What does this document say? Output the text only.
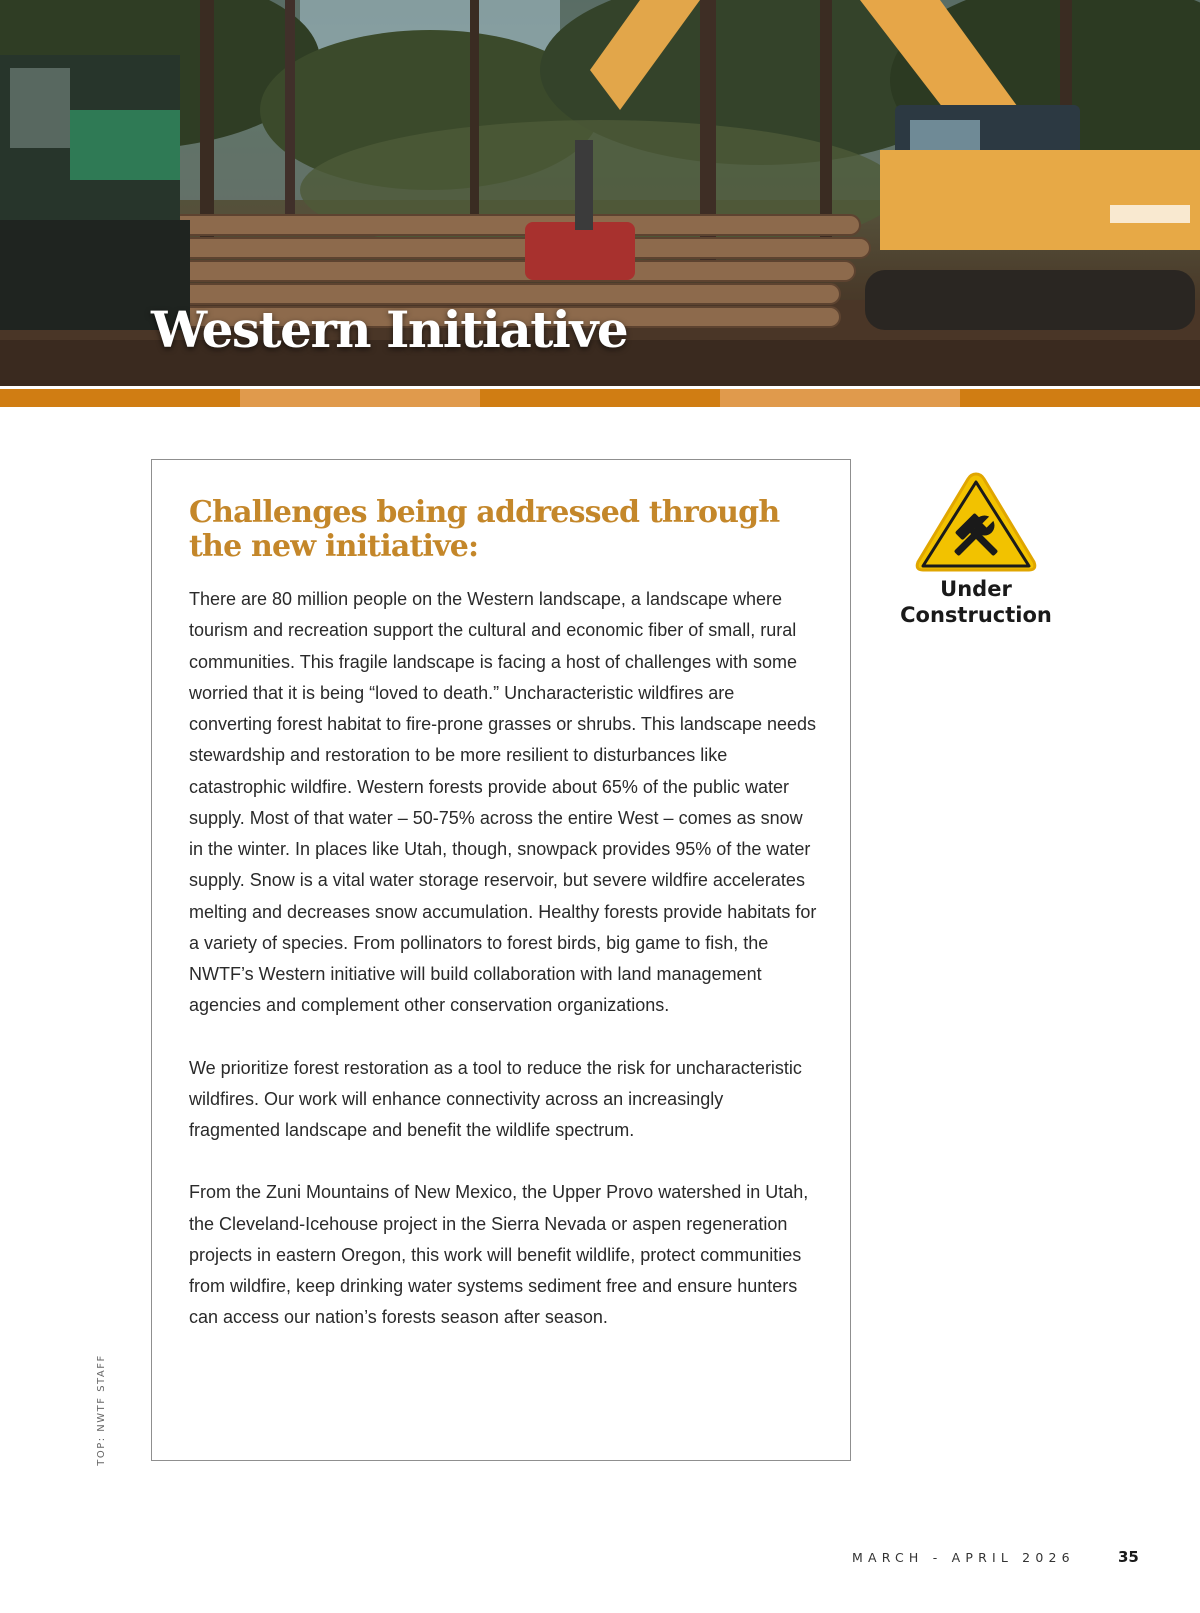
Western Initiative
Challenges being addressed through the new initiative:

There are 80 million people on the Western landscape, a landscape where tourism and recreation support the cultural and economic fiber of small, rural communities. This fragile landscape is facing a host of challenges with some worried that it is being “loved to death.” Uncharacteristic wildfires are converting forest habitat to fire-prone grasses or shrubs. This landscape needs stewardship and restoration to be more resilient to disturbances like catastrophic wildfire. Western forests provide about 65% of the public water supply. Most of that water – 50-75% across the entire West – comes as snow in the winter. In places like Utah, though, snowpack provides 95% of the water supply. Snow is a vital water storage reservoir, but severe wildfire accelerates melting and decreases snow accumulation. Healthy forests provide habitats for a variety of species. From pollinators to forest birds, big game to fish, the NWTF’s Western initiative will build collaboration with land management agencies and complement other conservation organizations.

We prioritize forest restoration as a tool to reduce the risk for uncharacteristic wildfires. Our work will enhance connectivity across an increasingly fragmented landscape and benefit the wildlife spectrum.

From the Zuni Mountains of New Mexico, the Upper Provo watershed in Utah, the Cleveland-Icehouse project in the Sierra Nevada or aspen regeneration projects in eastern Oregon, this work will benefit wildlife, protect communities from wildfire, keep drinking water systems sediment free and ensure hunters can access our nation’s forests season after season.

Under
Construction
TOP: NWTF STAFF

MARCH - APRIL 2026	35
